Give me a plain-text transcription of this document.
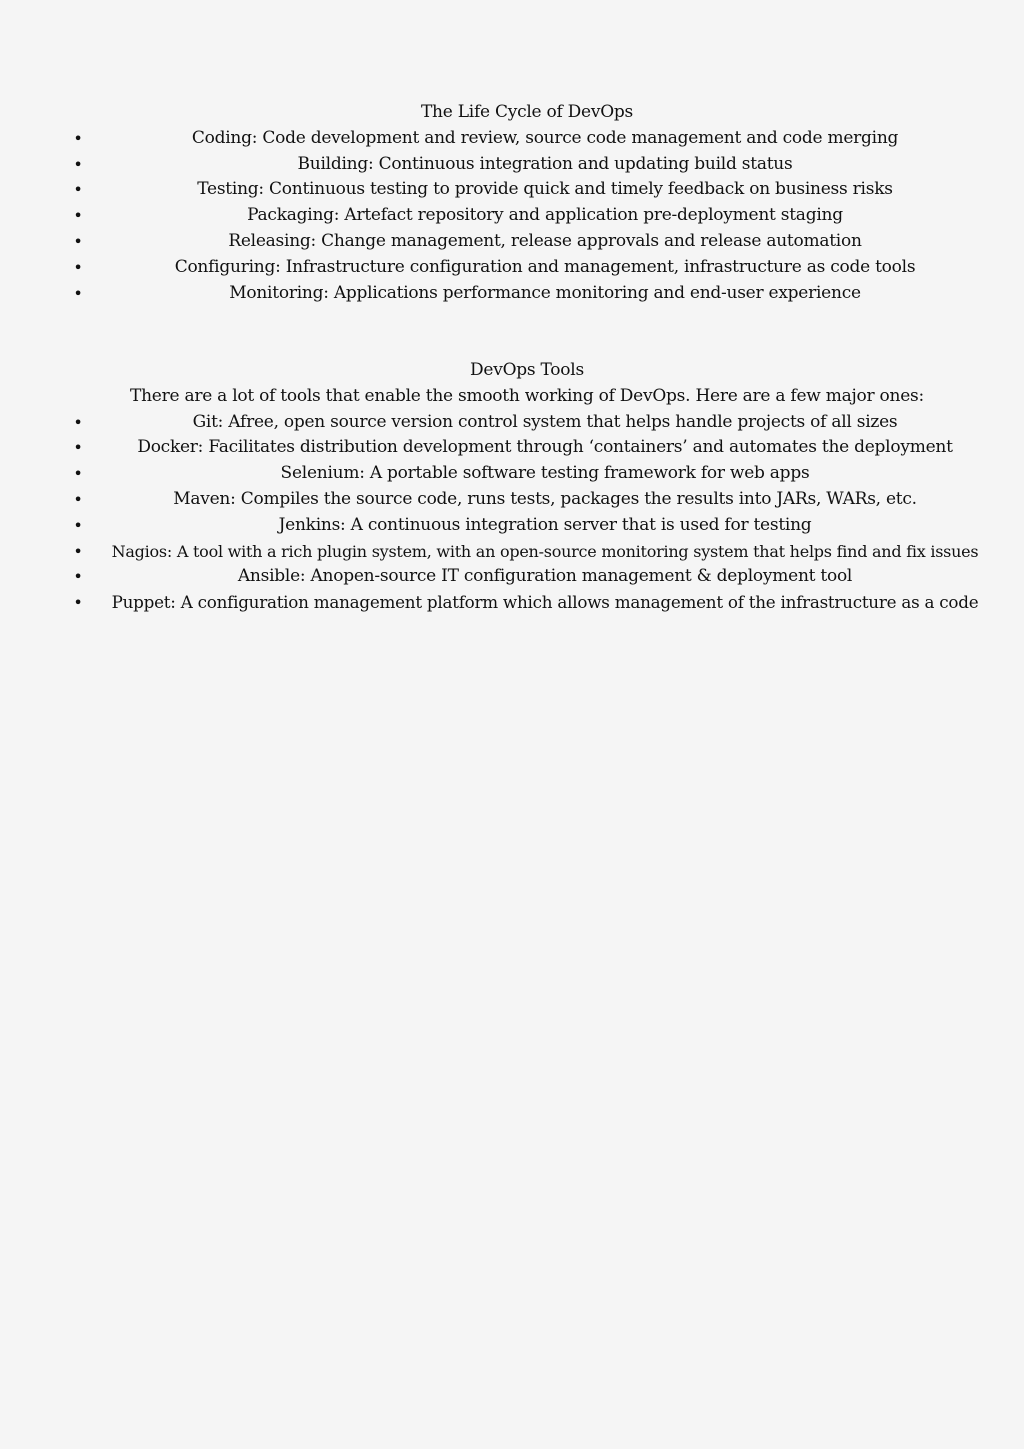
The Life Cycle of DevOps
•	Coding: Code development and review, source code management and code merging
•	Building: Continuous integration and updating build status
•	Testing: Continuous testing to provide quick and timely feedback on business risks
•	Packaging: Artefact repository and application pre-deployment staging
•	Releasing: Change management, release approvals and release automation
•	Configuring: Infrastructure configuration and management, infrastructure as code tools
•	Monitoring: Applications performance monitoring and end-user experience
DevOps Tools
There are a lot of tools that enable the smooth working of DevOps. Here are a few major ones:
•	Git: Afree, open source version control system that helps handle projects of all sizes
•	Docker: Facilitates distribution development through ‘containers’ and automates the deployment
•	Selenium: A portable software testing framework for web apps
•	Maven: Compiles the source code, runs tests, packages the results into JARs, WARs, etc.
•	Jenkins: A continuous integration server that is used for testing
• Nagios: A tool with a rich plugin system, with an open-source monitoring system that helps find and fix issues
•	Ansible: Anopen-source IT configuration management & deployment tool
• Puppet: A configuration management platform which allows management of the infrastructure as a code
